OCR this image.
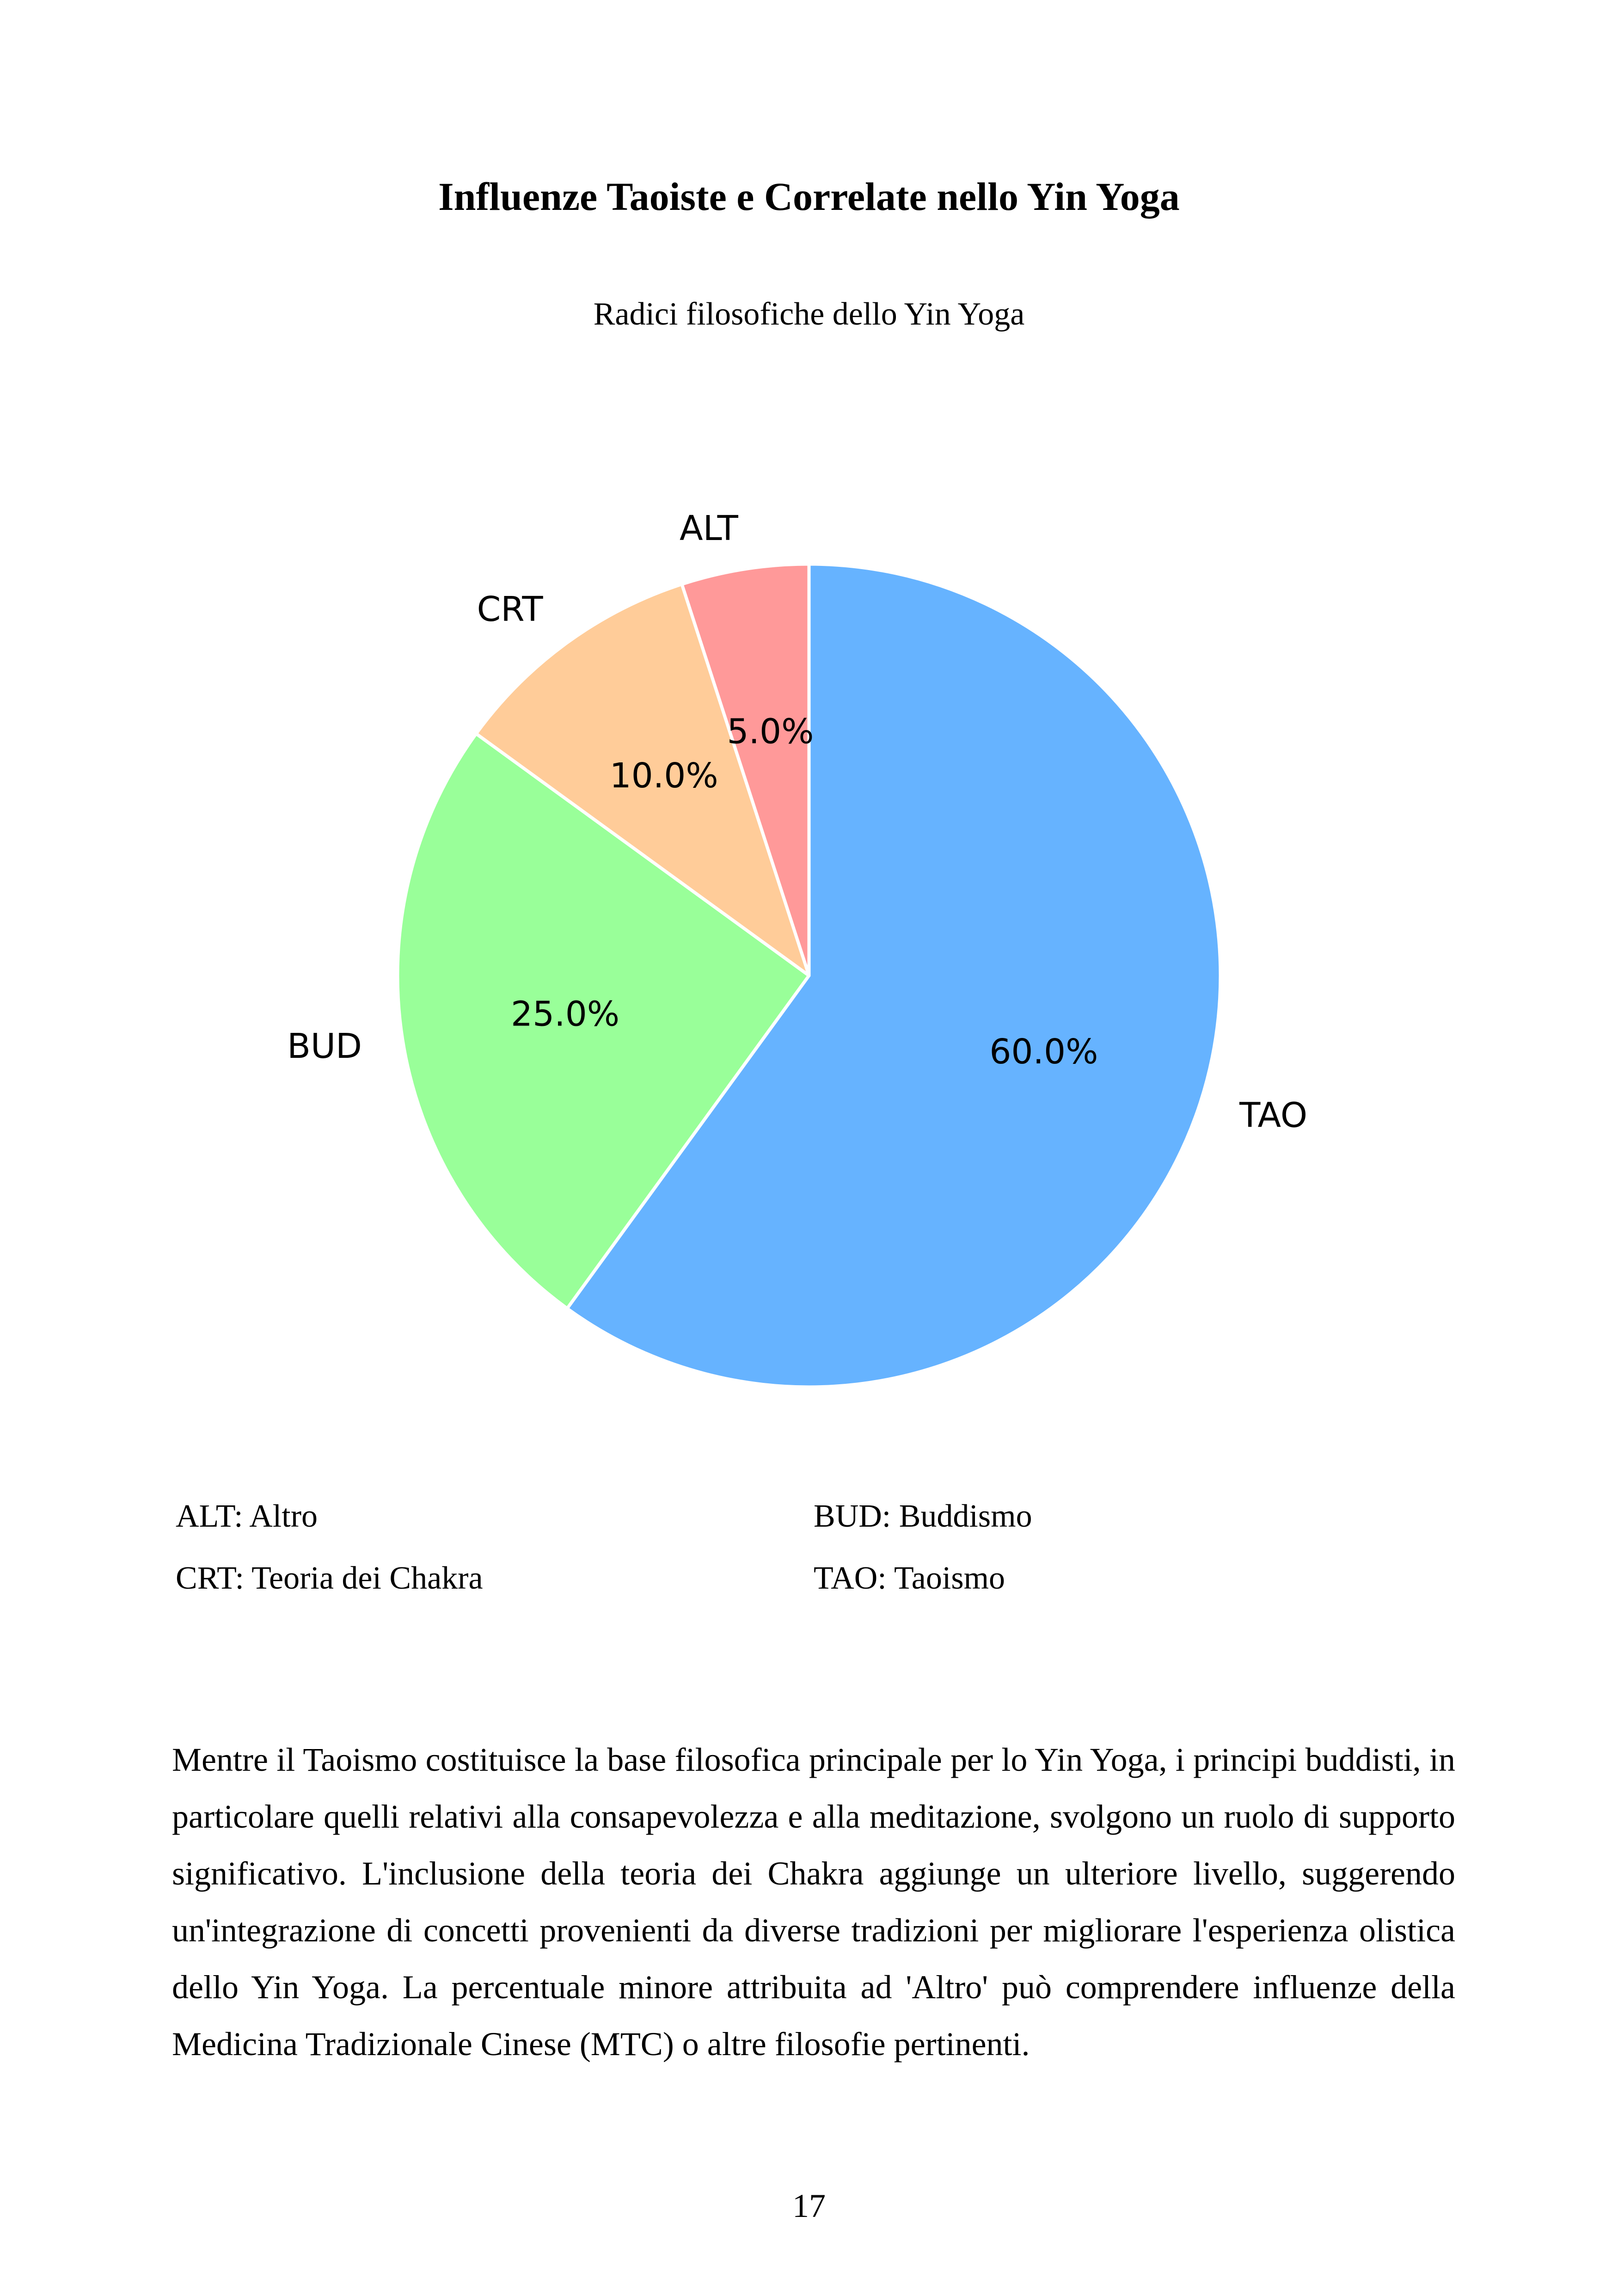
Influenze Taoiste e Correlate nello Yin Yoga
Radici filosofiche dello Yin Yoga
60.0%
TAO
25.0%
BUD
10.0%
CRT
5.0%
ALT
ALT: Altro	BUD: Buddismo
CRT: Teoria dei Chakra	TAO: Taoismo

Mentre il Taoismo costituisce la base filosofica principale per lo Yin Yoga, i principi buddisti, in particolare quelli relativi alla consapevolezza e alla meditazione, svolgono un ruolo di supporto significativo. L'inclusione della teoria dei Chakra aggiunge un ulteriore livello, suggerendo un'integrazione di concetti provenienti da diverse tradizioni per migliorare l'esperienza olistica dello Yin Yoga. La percentuale minore attribuita ad 'Altro' può comprendere influenze della Medicina Tradizionale Cinese (MTC) o altre filosofie pertinenti.

17
